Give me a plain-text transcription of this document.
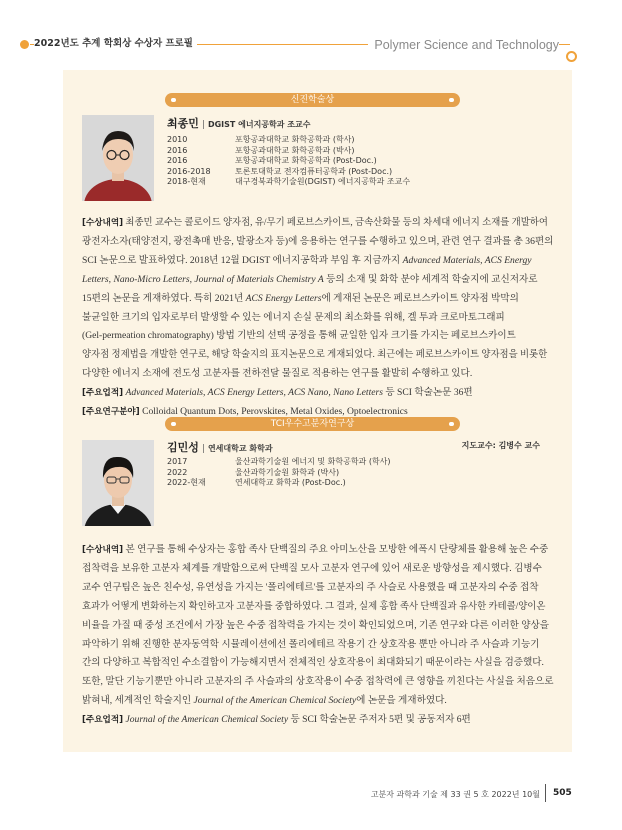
2022년도 추계 학회상 수상자 프로필	Polymer Science and Technology
신진학술상
최종민 | DGIST 에너지공학과 조교수
2010	포항공과대학교 화학공학과 (학사)
2016	포항공과대학교 화학공학과 (박사)
2016	포항공과대학교 화학공학과 (Post-Doc.)
2016-2018	토론토대학교 전자컴퓨터공학과 (Post-Doc.)
2018-현재	대구경북과학기술원(DGIST) 에너지공학과 조교수
[수상내역] 최종민 교수는 콜로이드 양자점, 유/무기 페로브스카이트, 금속산화물 등의 차세대 에너지 소재를 개발하여
광전자소자(태양전지, 광전촉매 반응, 발광소자 등)에 응용하는 연구를 수행하고 있으며, 관련 연구 결과를 총 36편의
SCI 논문으로 발표하였다. 2018년 12월 DGIST 에너지공학과 부임 후 지금까지 Advanced Materials, ACS Energy
Letters, Nano-Micro Letters, Journal of Materials Chemistry A 등의 소재 및 화학 분야 세계적 학술지에 교신저자로
15편의 논문을 게재하였다. 특히 2021년 ACS Energy Letters에 게재된 논문은 페로브스카이트 양자점 박막의
불균일한 크기의 입자로부터 발생할 수 있는 에너지 손실 문제의 최소화를 위해, 겔 투과 크로마토그래피
(Gel-permeation chromatography) 방법 기반의 선택 공정을 통해 균일한 입자 크기를 가지는 페로브스카이트
양자점 정제법을 개발한 연구로, 해당 학술지의 표지논문으로 게재되었다. 최근에는 페로브스카이트 양자점을 비롯한
다양한 에너지 소재에 전도성 고분자를 전하전달 물질로 적용하는 연구를 활발히 수행하고 있다.
[주요업적] Advanced Materials, ACS Energy Letters, ACS Nano, Nano Letters 등 SCI 학술논문 36편
[주요연구분야] Colloidal Quantum Dots, Perovskites, Metal Oxides, Optoelectronics
TCI우수고분자연구상
김민성 | 연세대학교 화학과	지도교수: 김병수 교수
2017	울산과학기술원 에너지 및 화학공학과 (학사)
2022	울산과학기술원 화학과 (박사)
2022-현재	연세대학교 화학과 (Post-Doc.)
[수상내역] 본 연구를 통해 수상자는 홍합 족사 단백질의 주요 아미노산을 모방한 에폭시 단량체를 활용해 높은 수중
접착력을 보유한 고분자 체계를 개발함으로써 단백질 모사 고분자 연구에 있어 새로운 방향성을 제시했다. 김병수
교수 연구팀은 높은 친수성, 유연성을 가지는 '폴리에테르'를 고분자의 주 사슬로 사용했을 때 고분자의 수중 접착
효과가 어떻게 변화하는지 확인하고자 고분자를 중합하였다. 그 결과, 실제 홍합 족사 단백질과 유사한 카테콜/양이온
비율을 가질 때 중성 조건에서 가장 높은 수중 접착력을 가지는 것이 확인되었으며, 기존 연구와 다른 이러한 양상을
파악하기 위해 진행한 분자동역학 시뮬레이션에선 폴리에테르 작용기 간 상호작용 뿐만 아니라 주 사슬과 기능기
간의 다양하고 복합적인 수소결합이 가능해지면서 전체적인 상호작용이 최대화되기 때문이라는 사실을 검증했다.
또한, 말단 기능기뿐만 아니라 고분자의 주 사슬과의 상호작용이 수중 접착력에 큰 영향을 끼친다는 사실을 처음으로
밝혀내, 세계적인 학술지인 Journal of the American Chemical Society에 논문을 게재하였다.
[주요업적] Journal of the American Chemical Society 등 SCI 학술논문 주저자 5편 및 공동저자 6편
고분자 과학과 기술 제 33 권 5 호 2022년 10월 505
